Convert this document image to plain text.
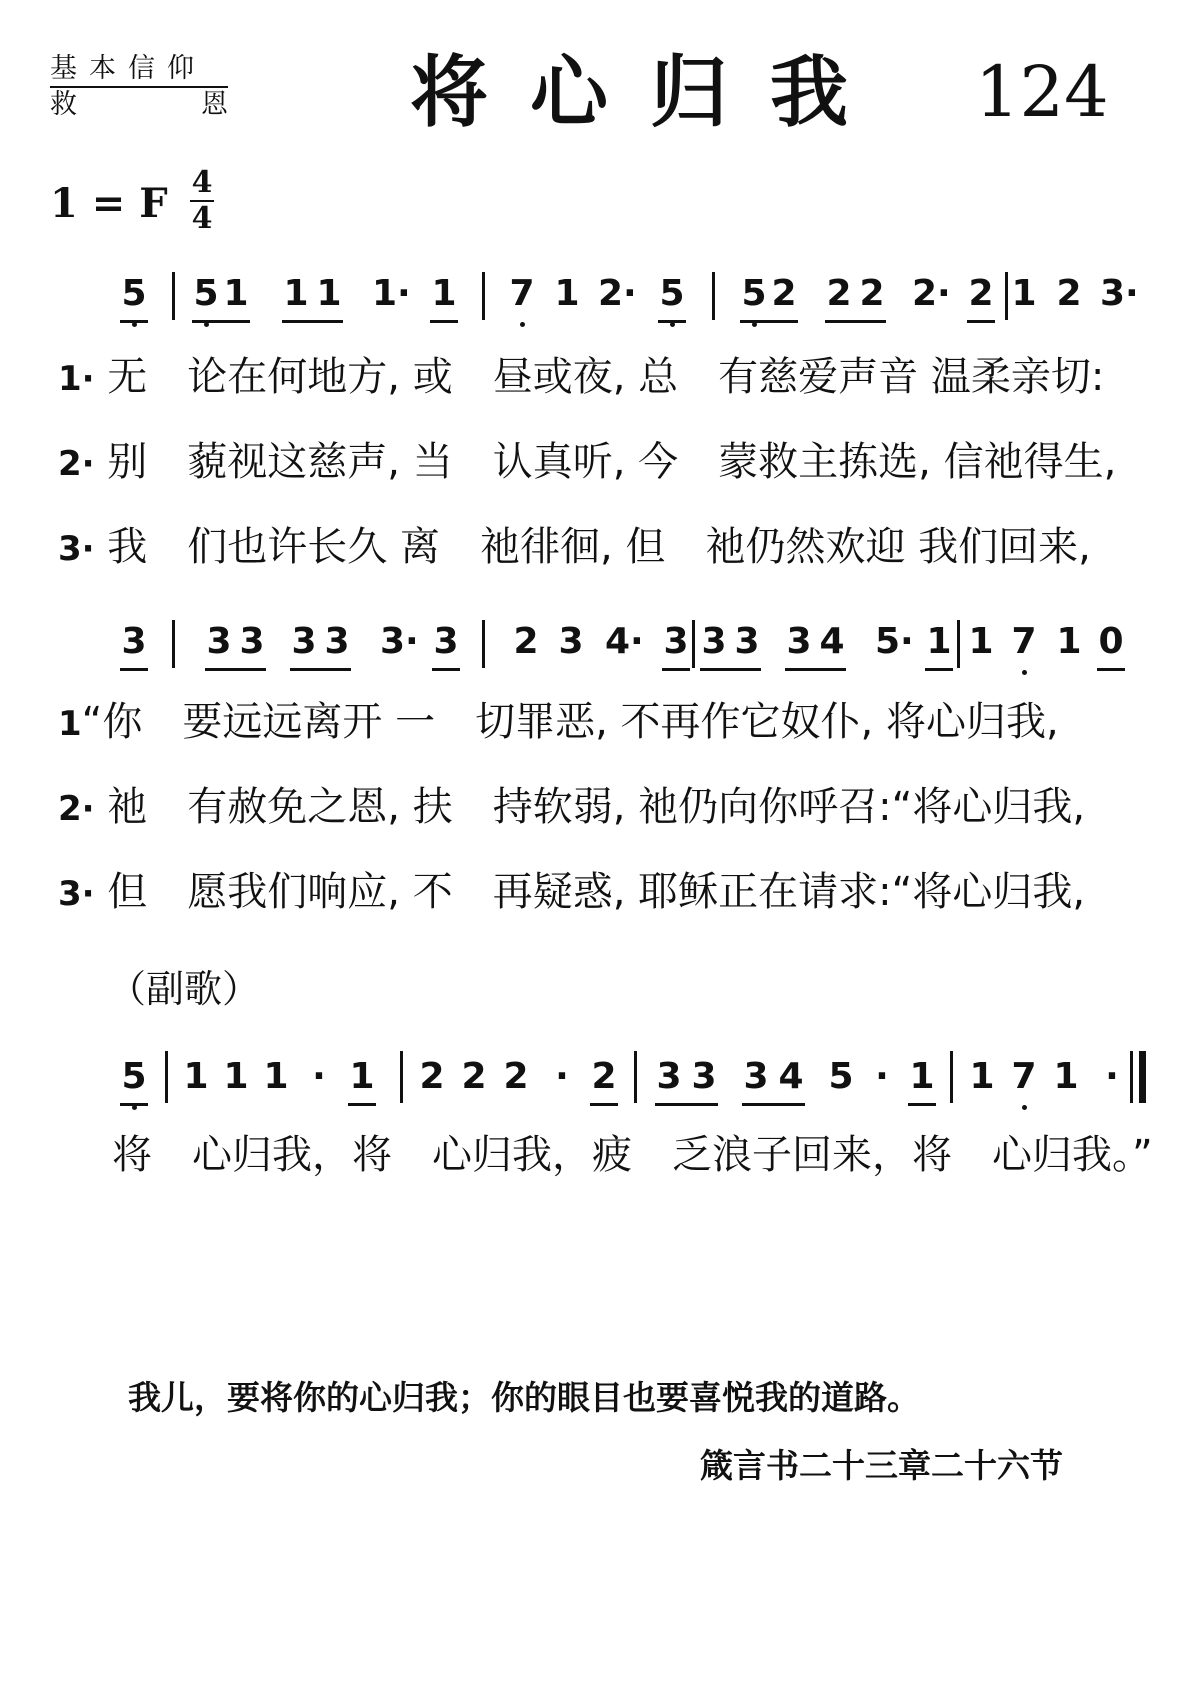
基本信仰
救	恩 将心归我 124
1 = F 4
4
5 5 1 1 1 1· 1 7 1 2· 5 5 2 2 2 2· 2 1 2 3·
1· 无　论在何地方, 或　昼或夜, 总　有慈爱声音 温柔亲切:
2· 别　藐视这慈声, 当　认真听, 今　蒙救主拣选, 信祂得生,
3· 我　们也许长久 离　祂徘徊, 但　祂仍然欢迎 我们回来,
3 3 3 3 3 3· 3 2 3 4· 3 3 3 3 4 5· 1 1 7 1 0
1“你　要远远离开 一　切罪恶, 不再作它奴仆, 将心归我,
2· 祂　有赦免之恩, 扶　持软弱, 祂仍向你呼召:“将心归我,
3· 但　愿我们响应, 不　再疑惑, 耶稣正在请求:“将心归我,
（副歌）
5 1 1 1 · 1 2 2 2 · 2 3 3 3 4 5 · 1 1 7 1 ·
将　心归我，将　心归我，疲　乏浪子回来，将　心归我。”
我儿，要将你的心归我；你的眼目也要喜悦我的道路。
箴言书二十三章二十六节
